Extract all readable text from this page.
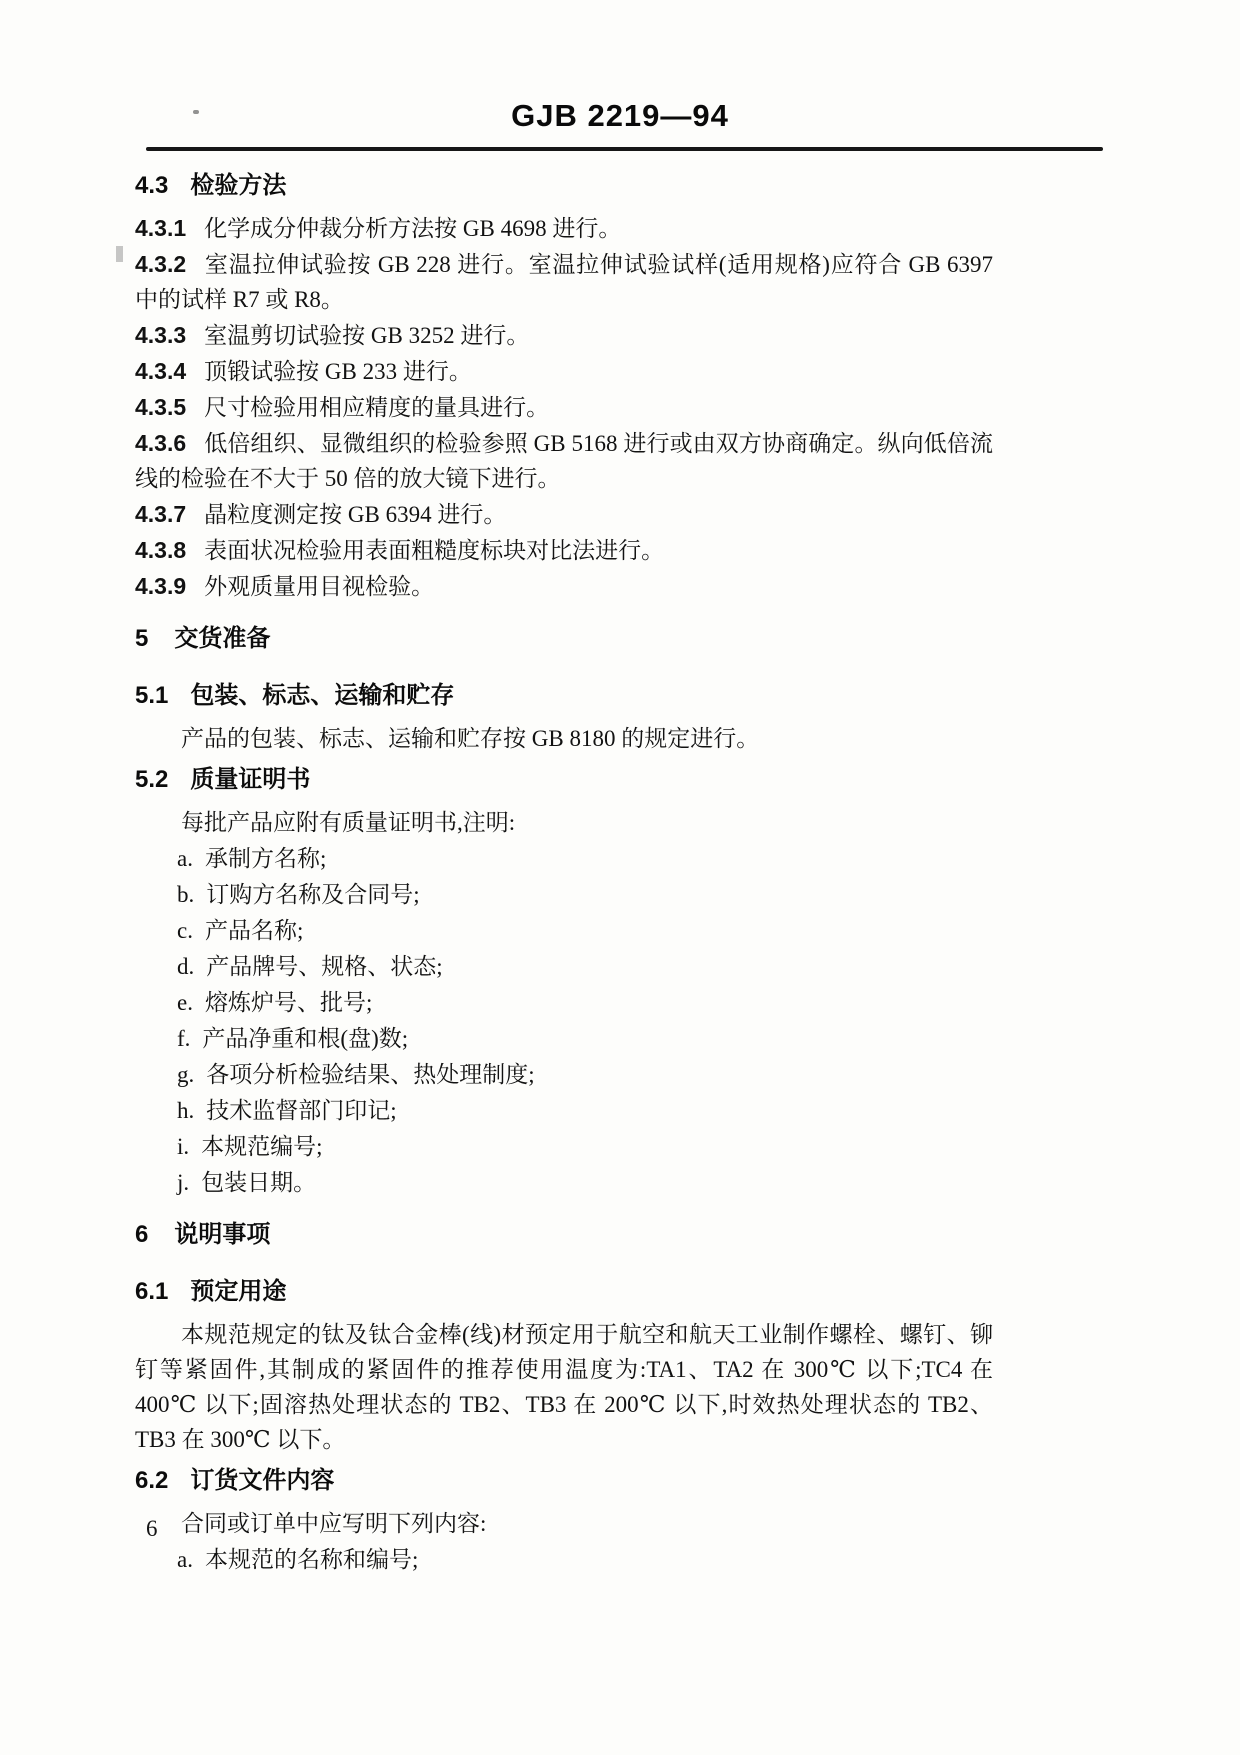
GJB 2219—94
4.3 检验方法
4.3.1 化学成分仲裁分析方法按 GB 4698 进行。
4.3.2 室温拉伸试验按 GB 228 进行。室温拉伸试验试样(适用规格)应符合 GB 6397 中的试样 R7 或 R8。
4.3.3 室温剪切试验按 GB 3252 进行。
4.3.4 顶锻试验按 GB 233 进行。
4.3.5 尺寸检验用相应精度的量具进行。
4.3.6 低倍组织、显微组织的检验参照 GB 5168 进行或由双方协商确定。纵向低倍流线的检验在不大于 50 倍的放大镜下进行。
4.3.7 晶粒度测定按 GB 6394 进行。
4.3.8 表面状况检验用表面粗糙度标块对比法进行。
4.3.9 外观质量用目视检验。
5 交货准备
5.1 包装、标志、运输和贮存
产品的包装、标志、运输和贮存按 GB 8180 的规定进行。
5.2 质量证明书
每批产品应附有质量证明书,注明:
a. 承制方名称;
b. 订购方名称及合同号;
c. 产品名称;
d. 产品牌号、规格、状态;
e. 熔炼炉号、批号;
f. 产品净重和根(盘)数;
g. 各项分析检验结果、热处理制度;
h. 技术监督部门印记;
i. 本规范编号;
j. 包装日期。
6 说明事项
6.1 预定用途
本规范规定的钛及钛合金棒(线)材预定用于航空和航天工业制作螺栓、螺钉、铆钉等紧固件,其制成的紧固件的推荐使用温度为:TA1、TA2 在 300℃ 以下;TC4 在 400℃ 以下;固溶热处理状态的 TB2、TB3 在 200℃ 以下,时效热处理状态的 TB2、TB3 在 300℃ 以下。
6.2 订货文件内容
合同或订单中应写明下列内容:
a. 本规范的名称和编号;
6
